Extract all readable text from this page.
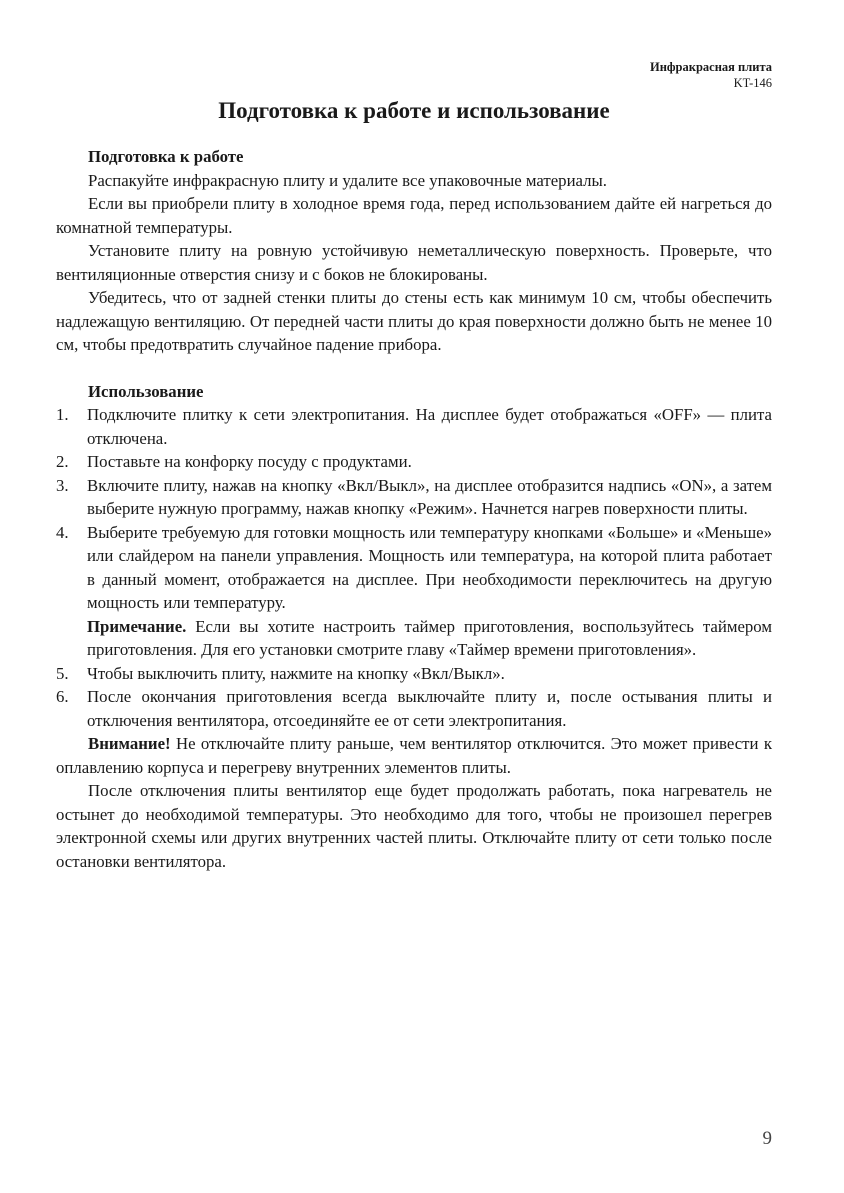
Инфракрасная плита
KT-146
Подготовка к работе и использование

Подготовка к работе

Распакуйте инфракрасную плиту и удалите все упаковочные материалы.

Если вы приобрели плиту в холодное время года, перед использованием дайте ей нагреться до комнатной температуры.

Установите плиту на ровную устойчивую неметаллическую поверхность. Проверьте, что вентиляционные отверстия снизу и с боков не блокированы.

Убедитесь, что от задней стенки плиты до стены есть как минимум 10 см, чтобы обеспечить надлежащую вентиляцию. От передней части плиты до края поверхности должно быть не менее 10 см, чтобы предотвратить случайное падение прибора.

Использование

1.	Подключите плитку к сети электропитания. На дисплее будет отображаться «OFF» — плита отключена.

2.	Поставьте на конфорку посуду с продуктами.

3.	Включите плиту, нажав на кнопку «Вкл/Выкл», на дисплее отобразится надпись «ON», а затем выберите нужную программу, нажав кнопку «Режим». Начнется нагрев поверхности плиты.

4.	Выберите требуемую для готовки мощность или температуру кнопками «Больше» и «Меньше» или слайдером на панели управления. Мощность или температура, на которой плита работает в данный момент, отображается на дисплее. При необходимости переключитесь на другую мощность или температуру.

Примечание. Если вы хотите настроить таймер приготовления, воспользуйтесь таймером приготовления. Для его установки смотрите главу «Таймер времени приготовления».

5.	Чтобы выключить плиту, нажмите на кнопку «Вкл/Выкл».

6.	После окончания приготовления всегда выключайте плиту и, после остывания плиты и отключения вентилятора, отсоединяйте ее от сети электропитания.

Внимание! Не отключайте плиту раньше, чем вентилятор отключится. Это может привести к оплавлению корпуса и перегреву внутренних элементов плиты.

После отключения плиты вентилятор еще будет продолжать работать, пока нагреватель не остынет до необходимой температуры. Это необходимо для того, чтобы не произошел перегрев электронной схемы или других внутренних частей плиты. Отключайте плиту от сети только после остановки вентилятора.

9
